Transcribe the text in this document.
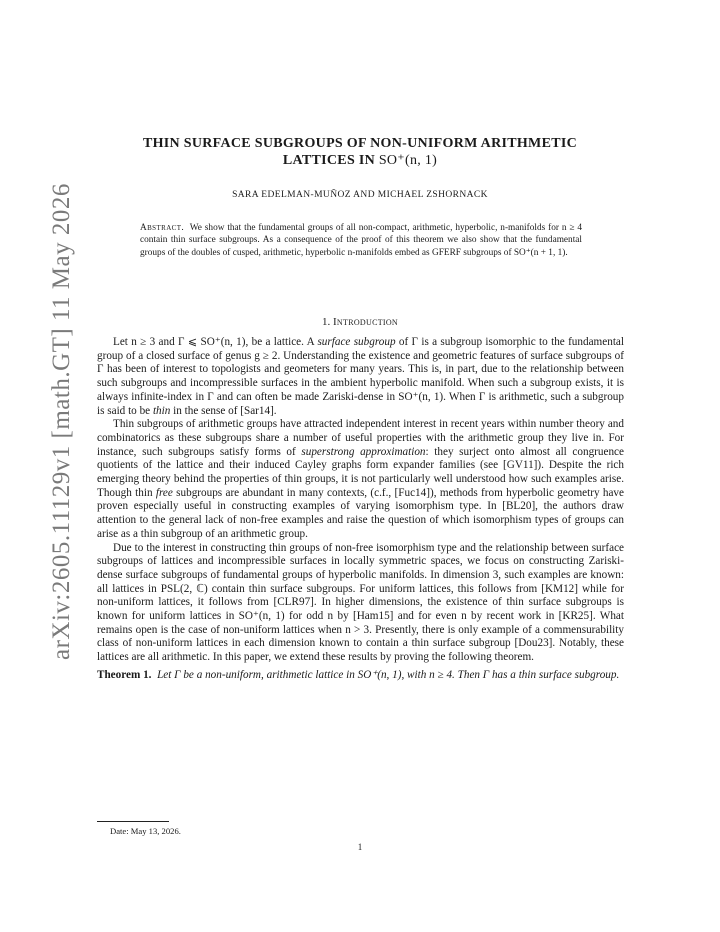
arXiv:2605.11129v1 [math.GT] 11 May 2026
THIN SURFACE SUBGROUPS OF NON-UNIFORM ARITHMETIC
LATTICES IN SO⁺(n, 1)
SARA EDELMAN-MUÑOZ AND MICHAEL ZSHORNACK

Abstract. We show that the fundamental groups of all non-compact, arithmetic, hyperbolic, n-manifolds for n ≥ 4 contain thin surface subgroups. As a consequence of the proof of this theorem we also show that the fundamental groups of the doubles of cusped, arithmetic, hyperbolic n-manifolds embed as GFERF subgroups of SO⁺(n + 1, 1).

1. Introduction

Let n ≥ 3 and Γ ⩽ SO⁺(n, 1), be a lattice. A surface subgroup of Γ is a subgroup isomorphic to the fundamental group of a closed surface of genus g ≥ 2. Understanding the existence and geometric features of surface subgroups of Γ has been of interest to topologists and geometers for many years. This is, in part, due to the relationship between such subgroups and incompressible surfaces in the ambient hyperbolic manifold. When such a subgroup exists, it is always infinite-index in Γ and can often be made Zariski-dense in SO⁺(n, 1). When Γ is arithmetic, such a subgroup is said to be thin in the sense of [Sar14].

Thin subgroups of arithmetic groups have attracted independent interest in recent years within number theory and combinatorics as these subgroups share a number of useful properties with the arithmetic group they live in. For instance, such subgroups satisfy forms of superstrong approximation: they surject onto almost all congruence quotients of the lattice and their induced Cayley graphs form expander families (see [GV11]). Despite the rich emerging theory behind the properties of thin groups, it is not particularly well understood how such examples arise. Though thin free subgroups are abundant in many contexts, (c.f., [Fuc14]), methods from hyperbolic geometry have proven especially useful in constructing examples of varying isomorphism type. In [BL20], the authors draw attention to the general lack of non-free examples and raise the question of which isomorphism types of groups can arise as a thin subgroup of an arithmetic group.

Due to the interest in constructing thin groups of non-free isomorphism type and the relationship between surface subgroups of lattices and incompressible surfaces in locally symmetric spaces, we focus on constructing Zariski-dense surface subgroups of fundamental groups of hyperbolic manifolds. In dimension 3, such examples are known: all lattices in PSL(2, ℂ) contain thin surface subgroups. For uniform lattices, this follows from [KM12] while for non-uniform lattices, it follows from [CLR97]. In higher dimensions, the existence of thin surface subgroups is known for uniform lattices in SO⁺(n, 1) for odd n by [Ham15] and for even n by recent work in [KR25]. What remains open is the case of non-uniform lattices when n > 3. Presently, there is only example of a commensurability class of non-uniform lattices in each dimension known to contain a thin surface subgroup [Dou23]. Notably, these lattices are all arithmetic. In this paper, we extend these results by proving the following theorem.

Theorem 1. Let Γ be a non-uniform, arithmetic lattice in SO⁺(n, 1), with n ≥ 4. Then Γ has a thin surface subgroup.

Date: May 13, 2026.
1
